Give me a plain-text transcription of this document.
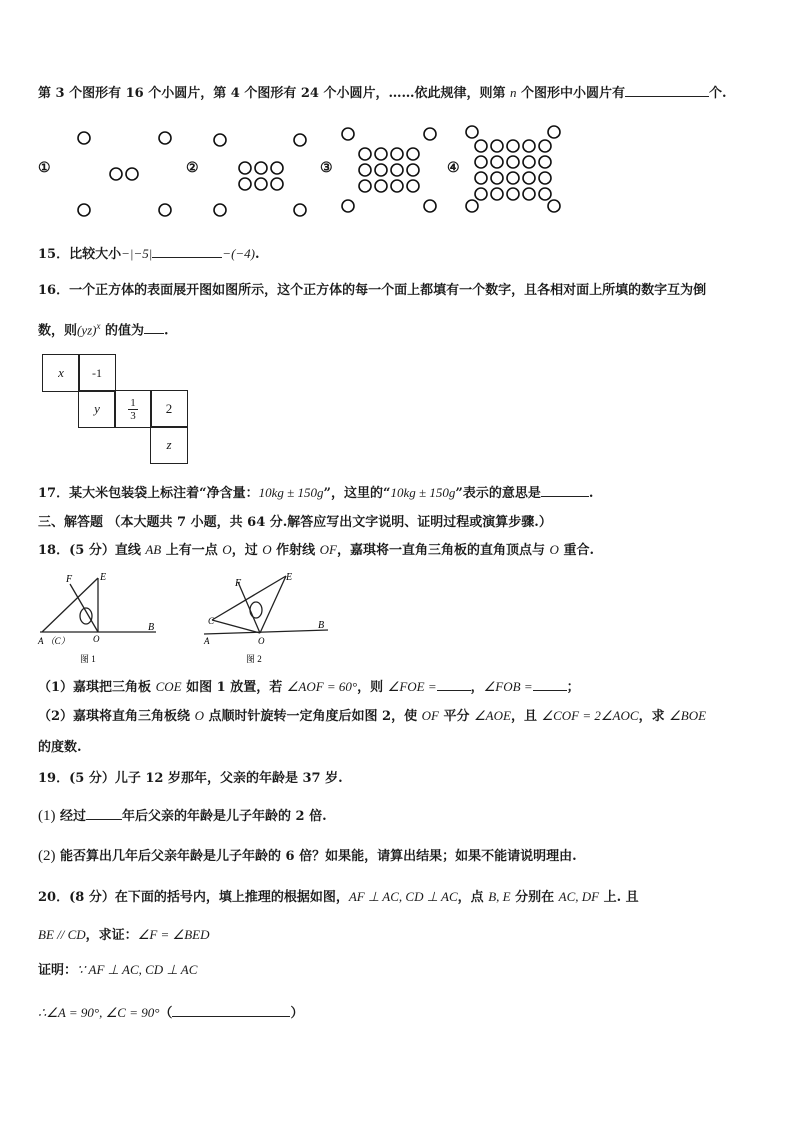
第 3 个图形有 16 个小圆片，第 4 个图形有 24 个小圆片，……依此规律，则第 n 个图形中小圆片有	个.
①	②	③	④
15．比较大小−|−5|	−(−4).
16．一个正方体的表面展开图如图所示，这个正方体的每一个面上都填有一个数字，且各相对面上所填的数字互为倒
数，则(yz)$^x$ 的值为 .
x -1
y	1
3 2
z
17．某大米包装袋上标注着“净含量：10kg ± 150g”，这里的“10kg ± 150g”表示的意思是	.
三、解答题 （本大题共 7 小题，共 64 分.解答应写出文字说明、证明过程或演算步骤.）
18．(5 分）直线 AB 上有一点 O，过 O 作射线 OF，嘉琪将一直角三角板的直角顶点与 O 重合.
F	E
A （C）	O
B
图 1
F
E
C
A	O
B
图 2
（1）嘉琪把三角板 COE 如图 1 放置，若 ∠AOF = 60°，则 ∠FOE =	，∠FOB =	；
（2）嘉琪将直角三角板绕 O 点顺时针旋转一定角度后如图 2，使 OF 平分 ∠AOE，且 ∠COF = 2∠AOC，求 ∠BOE
的度数.
19．(5 分）儿子 12 岁那年，父亲的年龄是 37 岁.
(1) 经过	年后父亲的年龄是儿子年龄的 2 倍.
(2) 能否算出几年后父亲年龄是儿子年龄的 6 倍？如果能，请算出结果；如果不能请说明理由.
20．(8 分）在下面的括号内，填上推理的根据如图，AF ⊥ AC, CD ⊥ AC，点 B, E 分别在 AC, DF 上. 且
BE // CD，求证：∠F = ∠BED
证明：∵ AF ⊥ AC, CD ⊥ AC
∴∠A = 90°, ∠C = 90°（	）
